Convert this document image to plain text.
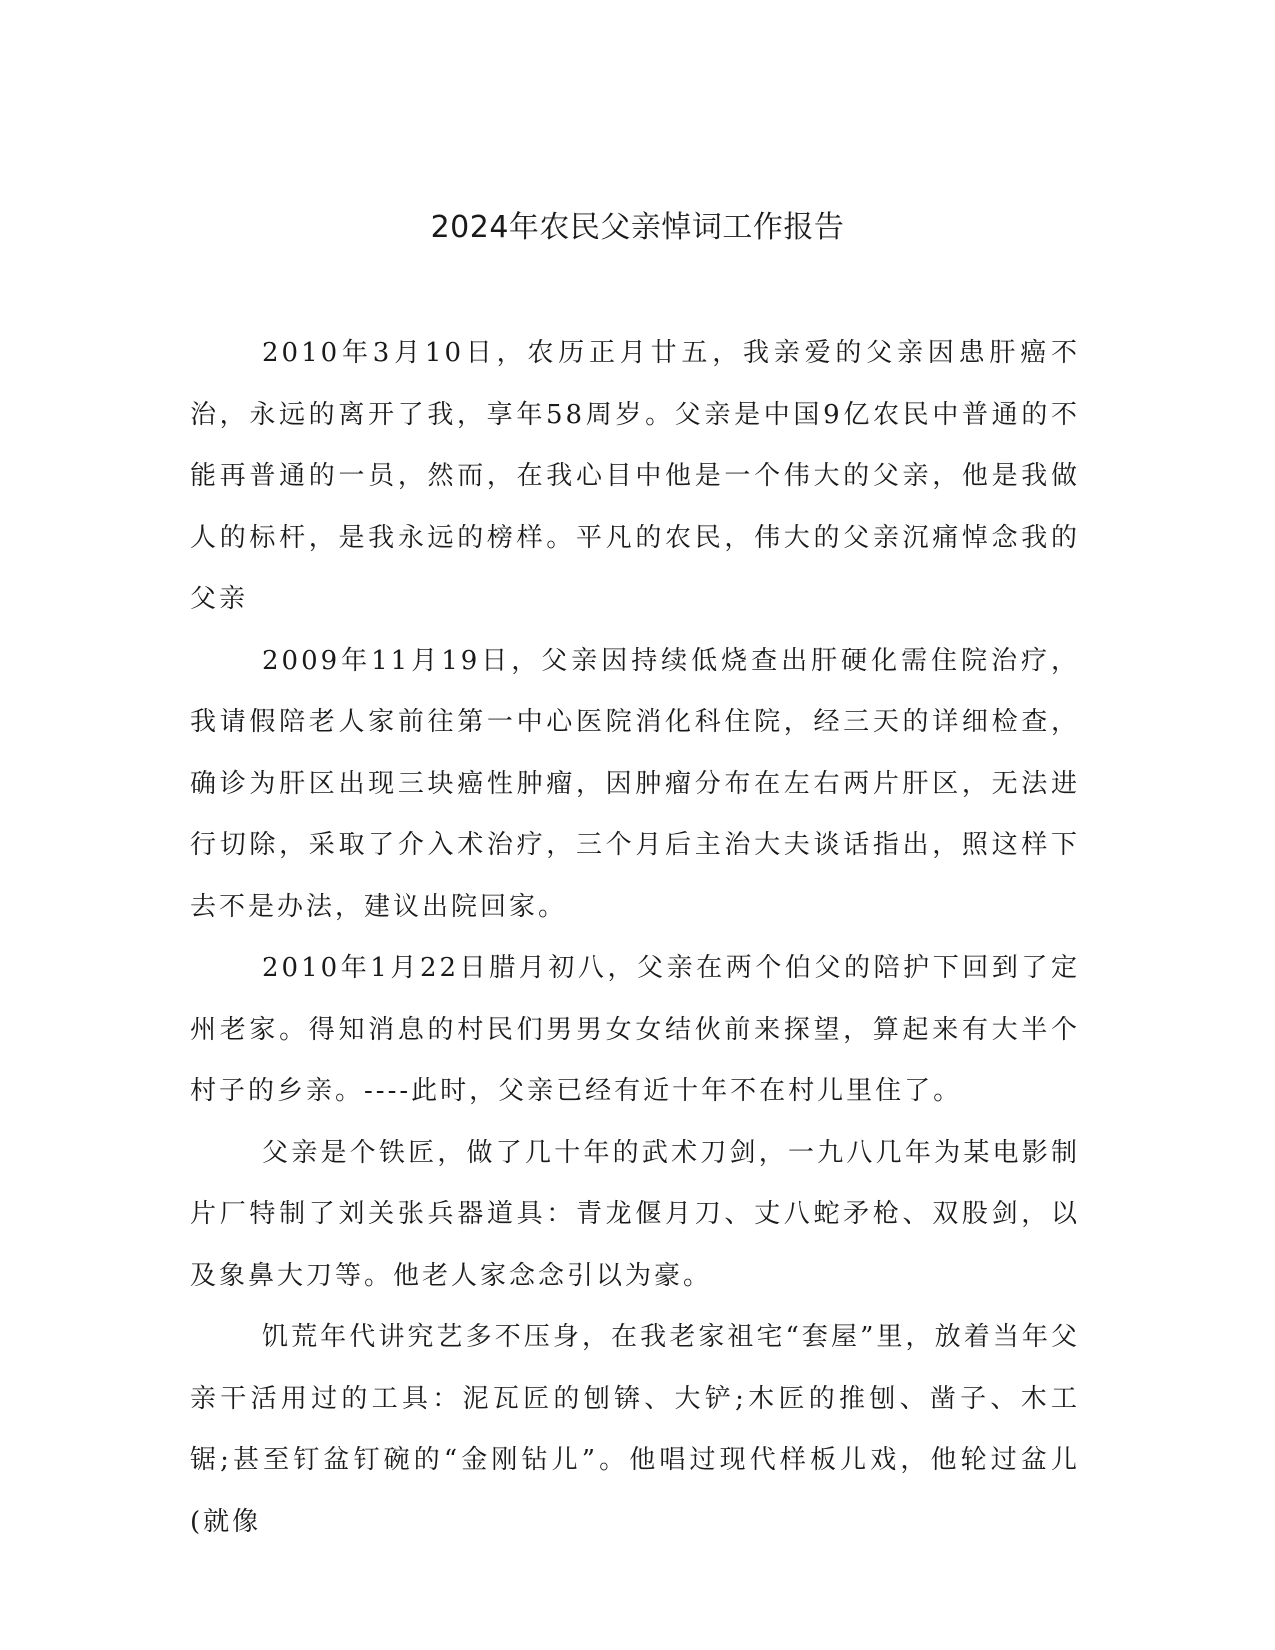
2024年农民父亲悼词工作报告

2010年3月10日，农历正月廿五，我亲爱的父亲因患肝癌不治，永远的离开了我，享年58周岁。父亲是中国9亿农民中普通的不能再普通的一员，然而，在我心目中他是一个伟大的父亲，他是我做人的标杆，是我永远的榜样。平凡的农民，伟大的父亲沉痛悼念我的父亲

2009年11月19日，父亲因持续低烧查出肝硬化需住院治疗，我请假陪老人家前往第一中心医院消化科住院，经三天的详细检查，确诊为肝区出现三块癌性肿瘤，因肿瘤分布在左右两片肝区，无法进行切除，采取了介入术治疗，三个月后主治大夫谈话指出，照这样下去不是办法，建议出院回家。

2010年1月22日腊月初八，父亲在两个伯父的陪护下回到了定州老家。得知消息的村民们男男女女结伙前来探望，算起来有大半个村子的乡亲。----此时，父亲已经有近十年不在村儿里住了。

父亲是个铁匠，做了几十年的武术刀剑，一九八几年为某电影制片厂特制了刘关张兵器道具：青龙偃月刀、丈八蛇矛枪、双股剑，以及象鼻大刀等。他老人家念念引以为豪。

饥荒年代讲究艺多不压身，在我老家祖宅“套屋”里，放着当年父亲干活用过的工具：泥瓦匠的刨锛、大铲;木匠的推刨、凿子、木工锯;甚至钉盆钉碗的“金刚钻儿”。他唱过现代样板儿戏，他轮过盆儿(就像
